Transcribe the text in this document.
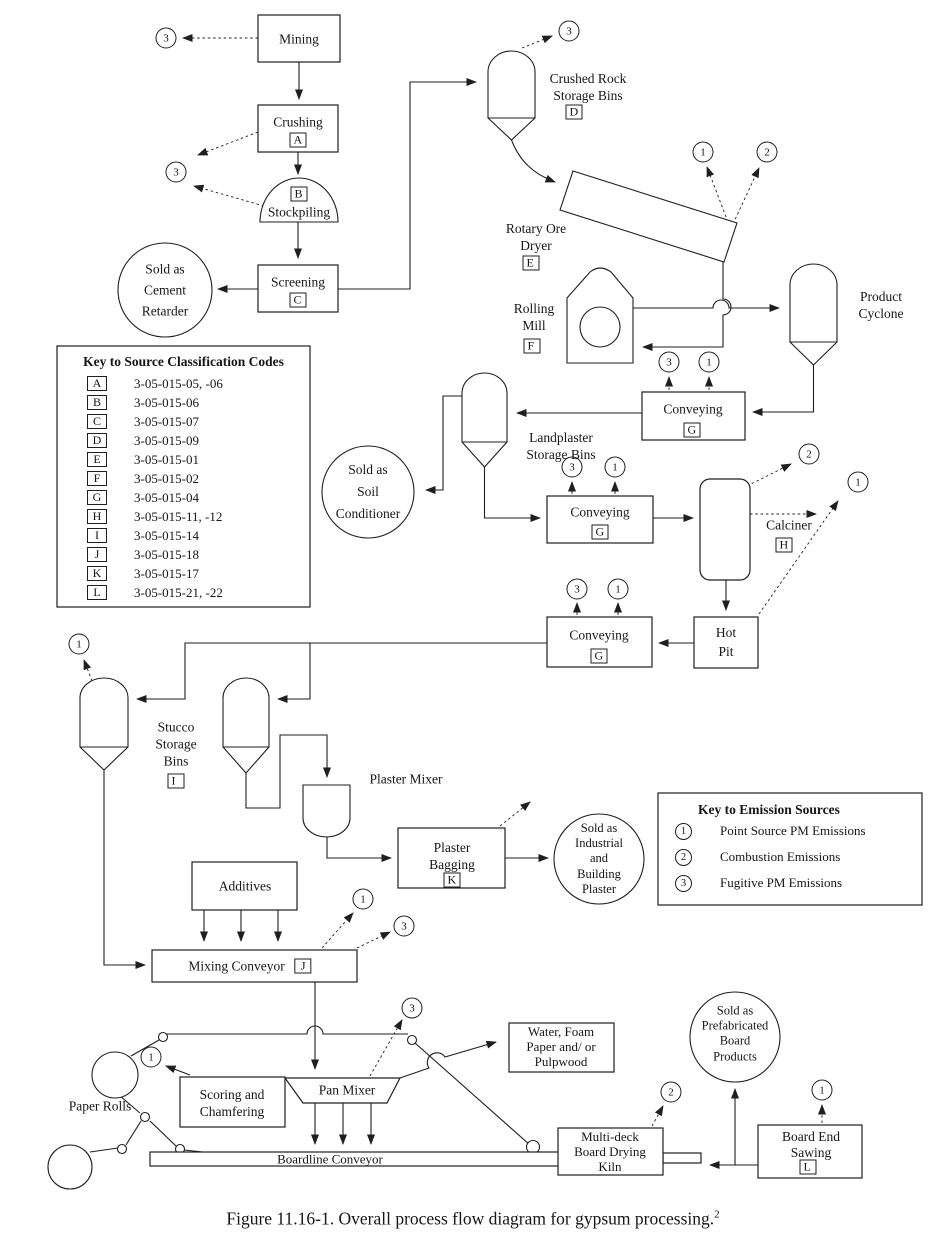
3
3
3
1	2
3	1
3	1
2
1
3	1
1
1
3
1
3
2	1
Mining
Crushing
A
B
Stockpiling
Screening
C
Sold as
Cement
Retarder
Crushed Rock
Storage Bins
D
Rotary Ore
Dryer
E
Rolling
Mill
F
Product
Cyclone
Conveying
G
Landplaster
Storage Bins
Sold as
Soil
Conditioner	Conveying
G	Calciner
H
Hot
Pit
Conveying
G
Stucco
Storage
Bins
I	Plaster Mixer
Plaster
Bagging
K
Sold as
Industrial
and
Building
Plaster
Additives
Mixing Conveyor	J
Paper Rolls
Scoring and
Chamfering
Pan Mixer
Water, Foam
Paper and/ or
Pulpwood
Boardline Conveyor
Multi-deck
Board Drying
Kiln
Board End
Sawing
L
Sold as
Prefabricated
Board
Products
Key to Source Classification Codes
A	3-05-015-05, -06
B	3-05-015-06
C	3-05-015-07
D	3-05-015-09
E	3-05-015-01
F	3-05-015-02
G	3-05-015-04
H	3-05-015-11, -12
I	3-05-015-14
J	3-05-015-18
K	3-05-015-17
L	3-05-015-21, -22
Key to Emission Sources
1	Point Source PM Emissions
2	Combustion Emissions
3	Fugitive PM Emissions
Figure 11.16-1. Overall process flow diagram for gypsum processing.$^2$
